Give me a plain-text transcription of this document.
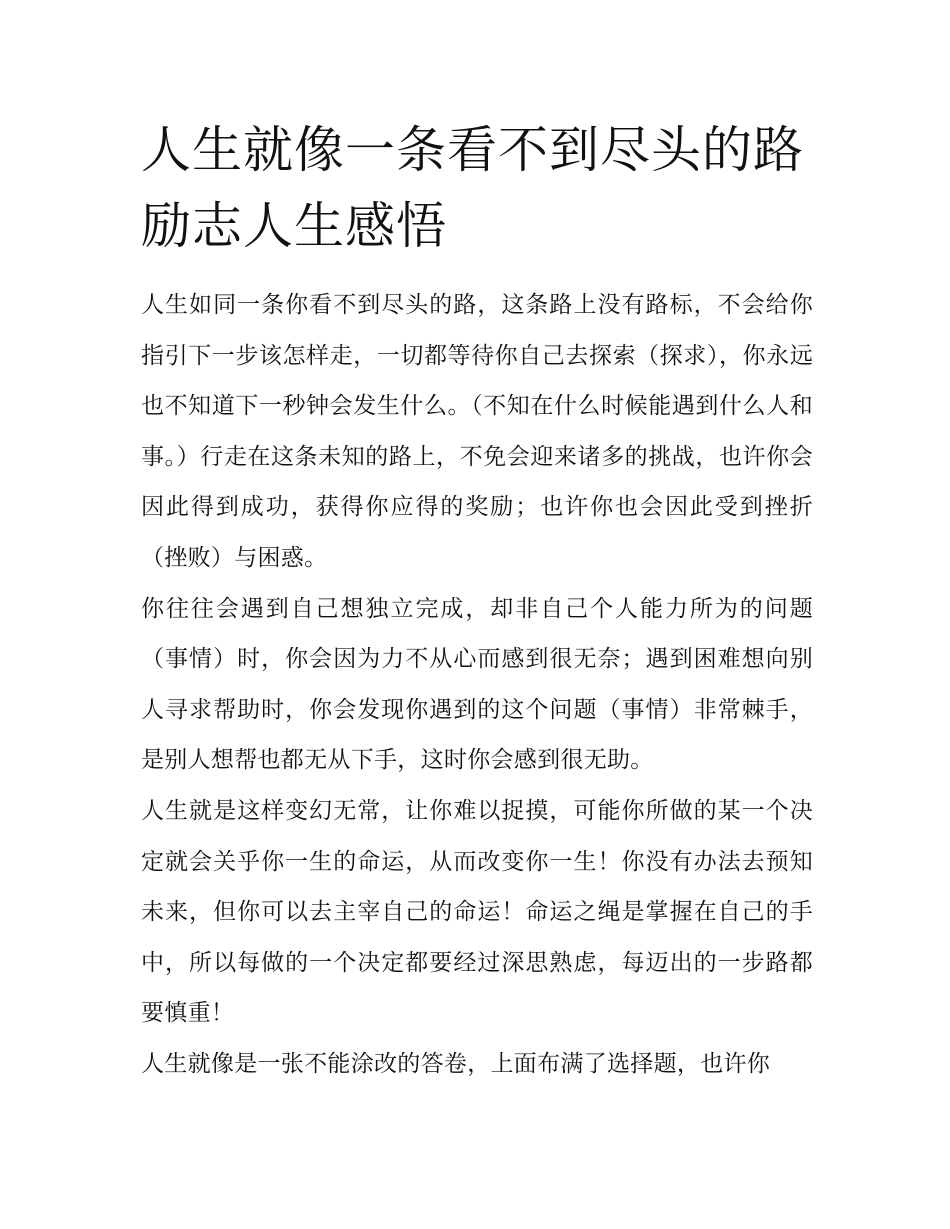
人生就像一条看不到尽头的路励志人生感悟

人生如同一条你看不到尽头的路，这条路上没有路标，不会给你指引下一步该怎样走，一切都等待你自己去探索（探求），你永远也不知道下一秒钟会发生什么。（不知在什么时候能遇到什么人和事。）行走在这条未知的路上，不免会迎来诸多的挑战，也许你会因此得到成功，获得你应得的奖励；也许你也会因此受到挫折（挫败）与困惑。

你往往会遇到自己想独立完成，却非自己个人能力所为的问题（事情）时，你会因为力不从心而感到很无奈；遇到困难想向别人寻求帮助时，你会发现你遇到的这个问题（事情）非常棘手，是别人想帮也都无从下手，这时你会感到很无助。

人生就是这样变幻无常，让你难以捉摸，可能你所做的某一个决定就会关乎你一生的命运，从而改变你一生！你没有办法去预知未来，但你可以去主宰自己的命运！命运之绳是掌握在自己的手中，所以每做的一个决定都要经过深思熟虑，每迈出的一步路都要慎重！

人生就像是一张不能涂改的答卷，上面布满了选择题，也许你
